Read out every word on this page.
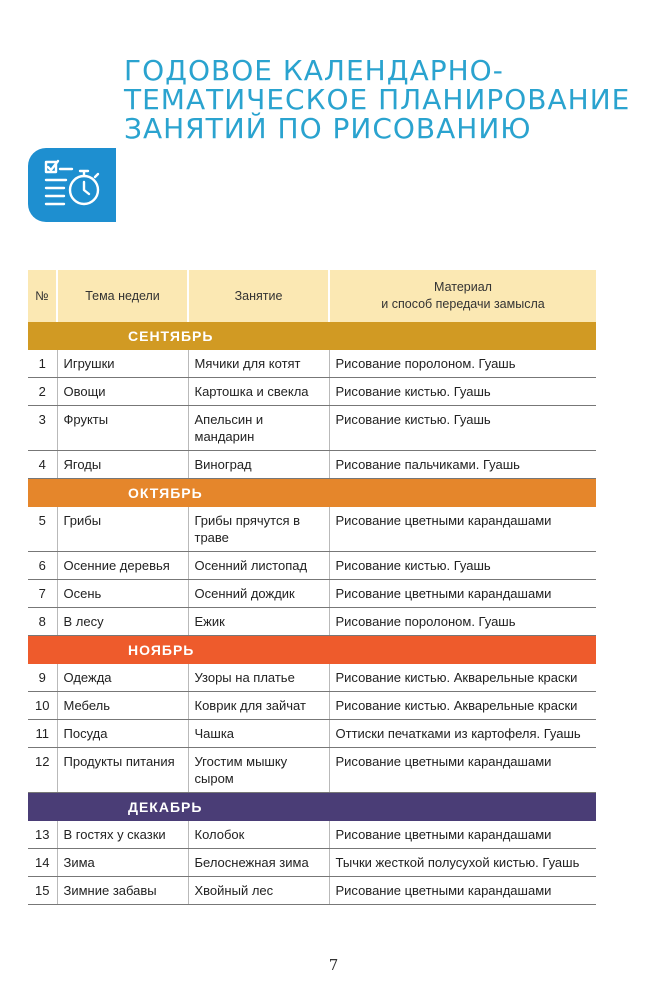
ГОДОВОЕ КАЛЕНДАРНО-
ТЕМАТИЧЕСКОЕ ПЛАНИРОВАНИЕ
ЗАНЯТИЙ ПО РИСОВАНИЮ
№	Тема недели	Занятие	Материал
и способ передачи замысла
СЕНТЯБРЬ			
1	Игрушки	Мячики для котят	Рисование поролоном. Гуашь
2	Овощи	Картошка и свекла	Рисование кистью. Гуашь
3	Фрукты	Апельсин и мандарин	Рисование кистью. Гуашь
4	Ягоды	Виноград	Рисование пальчиками. Гуашь
ОКТЯБРЬ			
5	Грибы	Грибы прячутся в траве	Рисование цветными карандашами
6	Осенние деревья	Осенний листопад	Рисование кистью. Гуашь
7	Осень	Осенний дождик	Рисование цветными карандашами
8	В лесу	Ежик	Рисование поролоном. Гуашь
НОЯБРЬ			
9	Одежда	Узоры на платье	Рисование кистью. Акварельные краски
10	Мебель	Коврик для зайчат	Рисование кистью. Акварельные краски
11	Посуда	Чашка	Оттиски печатками из картофеля. Гуашь
12	Продукты питания	Угостим мышку сыром	Рисование цветными карандашами
ДЕКАБРЬ			
13	В гостях у сказки	Колобок	Рисование цветными карандашами
14	Зима	Белоснежная зима	Тычки жесткой полусухой кистью. Гуашь
15	Зимние забавы	Хвойный лес	Рисование цветными карандашами
7
